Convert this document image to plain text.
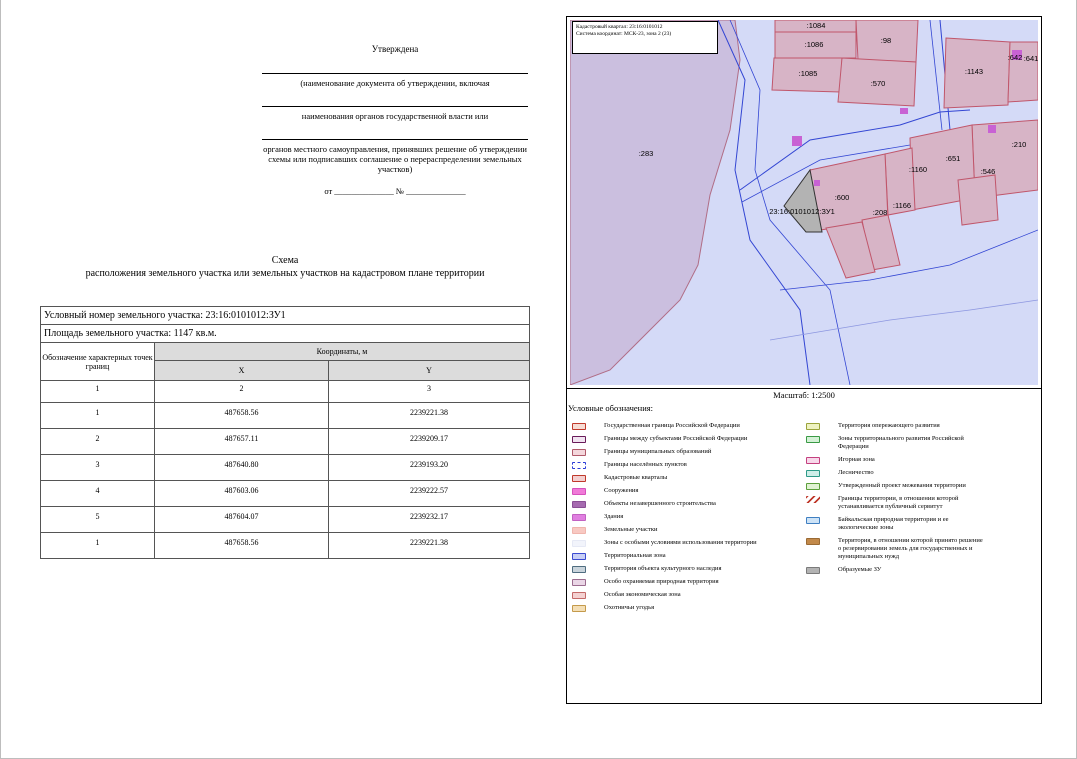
Утверждена
(наименование документа об утверждении, включая
наименования органов государственной власти или
органов местного самоуправления, принявших решение об утверждении схемы или подписавших соглашение о перераспределении земельных участков)
от ______________ № ______________
Схема
расположения земельного участка или земельных участков на кадастровом плане территории
Условный номер земельного участка: 23:16:0101012:ЗУ1		
Площадь земельного участка: 1147 кв.м.		
Обозначение характерных точек границ	Координаты, м	
	X	Y
1	2	3
1	487658.56	2239221.38
2	487657.11	2239209.17
3	487640.80	2239193.20
4	487603.06	2239222.57
5	487604.07	2239232.17
1	487658.56	2239221.38
:1084
:1086	:98
:1085
:570
:1143
:642 :641
:210
:283
:651
:1160	:546
:600
23:16:0101012:ЗУ1	:208
:1166
Кадастровый квартал: 23:16:0101012
Система координат: МСК-23, зона 2 (23)
Масштаб: 1:2500
Условные обозначения:
Государственная граница Российской Федерации
Границы между субъектами Российской Федерации
Границы муниципальных образований
Границы населённых пунктов
Кадастровые кварталы
Сооружения
Объекты незавершенного строительства
Здания
Земельные участки
Зоны с особыми условиями использования территории
Территориальная зона
Территория объекта культурного наследия
Особо охраняемая природная территория
Особая экономическая зона
Охотничьи угодья
Территория опережающего развития
Зоны территориального развития Российской Федерации
Игорная зона
Лесничество
Утвержденный проект межевания территории
Границы территории, в отношении которой устанавливается публичный сервитут
Байкальская природная территория и ее экологические зоны
Территория, в отношении которой принято решение о резервировании земель для государственных и муниципальных нужд
Образуемые ЗУ
